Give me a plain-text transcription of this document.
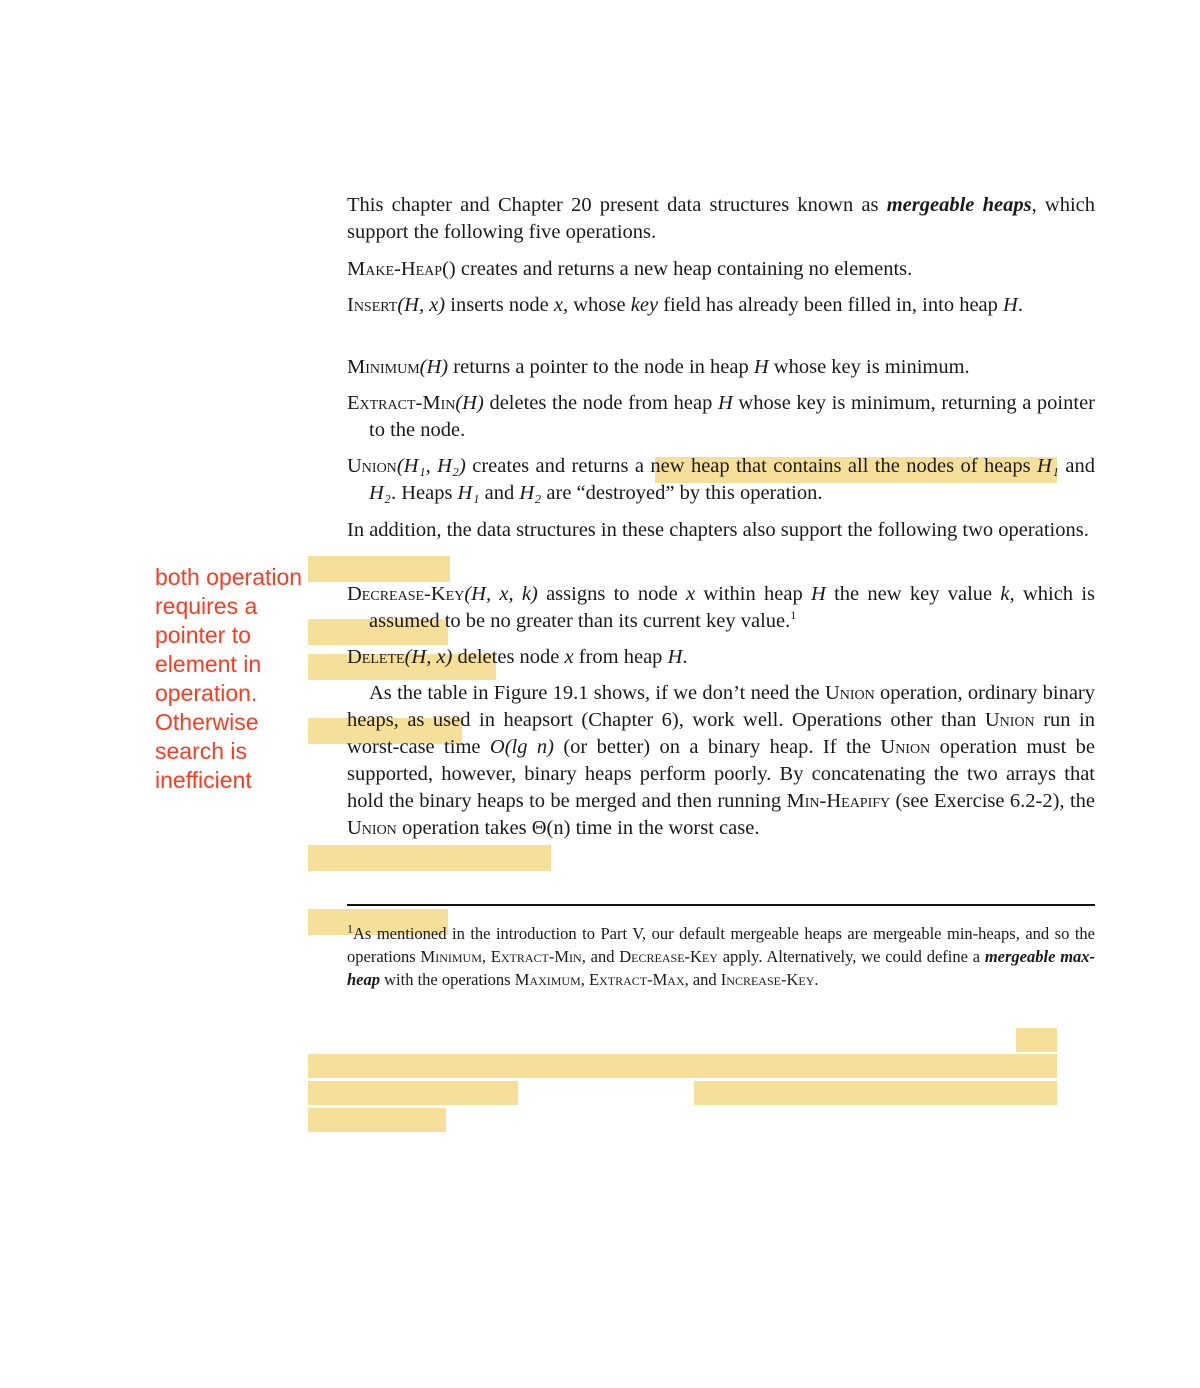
both operation
requires a
pointer to
element in
operation.
Otherwise
search is
inefficient
This chapter and Chapter 20 present data structures known as mergeable heaps, which support the following five operations.
Make-Heap() creates and returns a new heap containing no elements.
Insert(H, x) inserts node x, whose key field has already been filled in, into heap H.
Minimum(H) returns a pointer to the node in heap H whose key is minimum.
Extract-Min(H) deletes the node from heap H whose key is minimum, returning a pointer to the node.
Union(H₁, H₂) creates and returns a new heap that contains all the nodes of heaps H₁ and H₂. Heaps H₁ and H₂ are “destroyed” by this operation.
In addition, the data structures in these chapters also support the following two operations.
Decrease-Key(H, x, k) assigns to node x within heap H the new key value k, which is assumed to be no greater than its current key value.$^1$
Delete(H, x) deletes node x from heap H.
As the table in Figure 19.1 shows, if we don’t need the Union operation, ordinary binary heaps, as used in heapsort (Chapter 6), work well. Operations other than Union run in worst-case time O(lg n) (or better) on a binary heap. If the Union operation must be supported, however, binary heaps perform poorly. By concatenating the two arrays that hold the binary heaps to be merged and then running Min-Heapify (see Exercise 6.2-2), the Union operation takes Θ(n) time in the worst case.
$^1$As mentioned in the introduction to Part V, our default mergeable heaps are mergeable min-heaps, and so the operations Minimum, Extract-Min, and Decrease-Key apply. Alternatively, we could define a mergeable max-heap with the operations Maximum, Extract-Max, and Increase-Key.
